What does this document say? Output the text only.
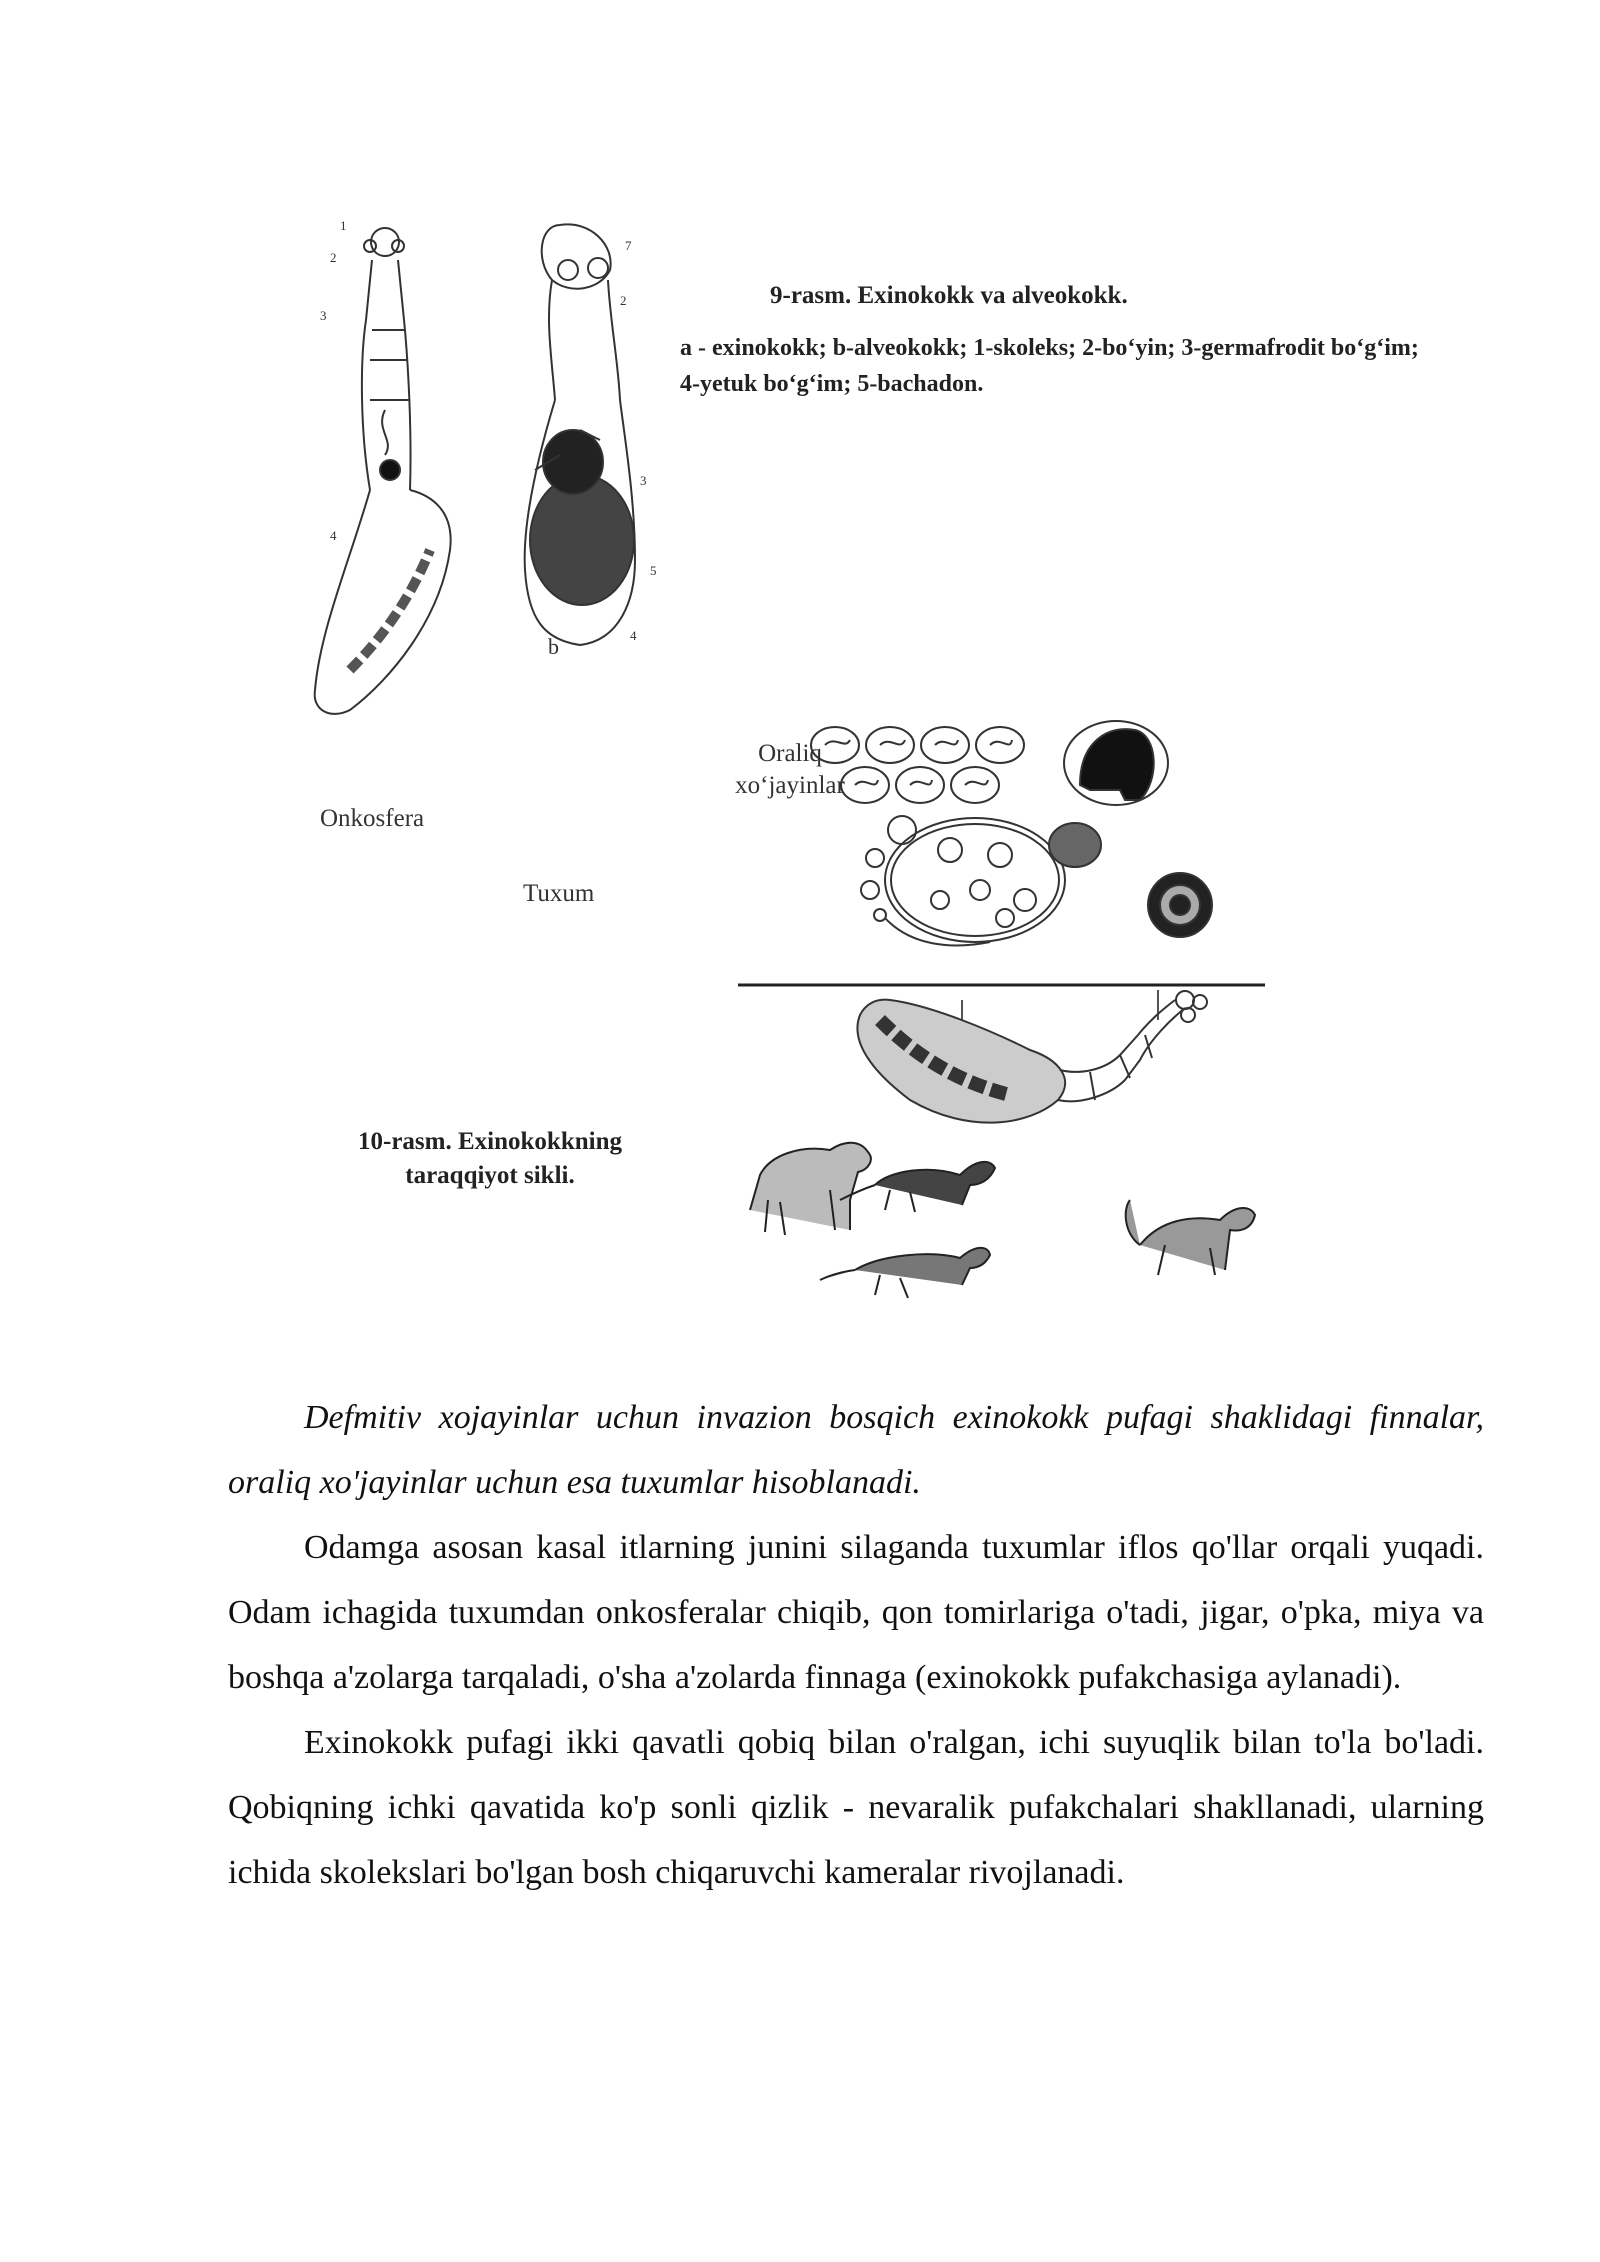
1
2
3
4
7
2
3
5
4
b
9-rasm. Exinokokk va alveokokk.
a - exinokokk; b-alveokokk; 1-skoleks; 2-bo‘yin; 3-germafrodit bo‘g‘im; 4-yetuk bo‘g‘im; 5-bachadon.
Oraliq xo‘jayinlar
Onkosfera
Tuxum
10-rasm. Exinokokkning taraqqiyot sikli.

Defmitiv xojayinlar uchun invazion bosqich exinokokk pufagi shaklidagi finnalar, oraliq xo'jayinlar uchun esa tuxumlar hisoblanadi.

Odamga asosan kasal itlarning junini silaganda tuxumlar iflos qo'llar orqali yuqadi. Odam ichagida tuxumdan onkosferalar chiqib, qon tomirlariga o'tadi, jigar, o'pka, miya va boshqa a'zolarga tarqaladi, o'sha a'zolarda finnaga (exinokokk pufakchasiga aylanadi).

Exinokokk pufagi ikki qavatli qobiq bilan o'ralgan, ichi suyuqlik bilan to'la bo'ladi. Qobiqning ichki qavatida ko'p sonli qizlik - nevaralik pufakchalari shakllanadi, ularning ichida skolekslari bo'lgan bosh chiqaruvchi kameralar rivojlanadi.
